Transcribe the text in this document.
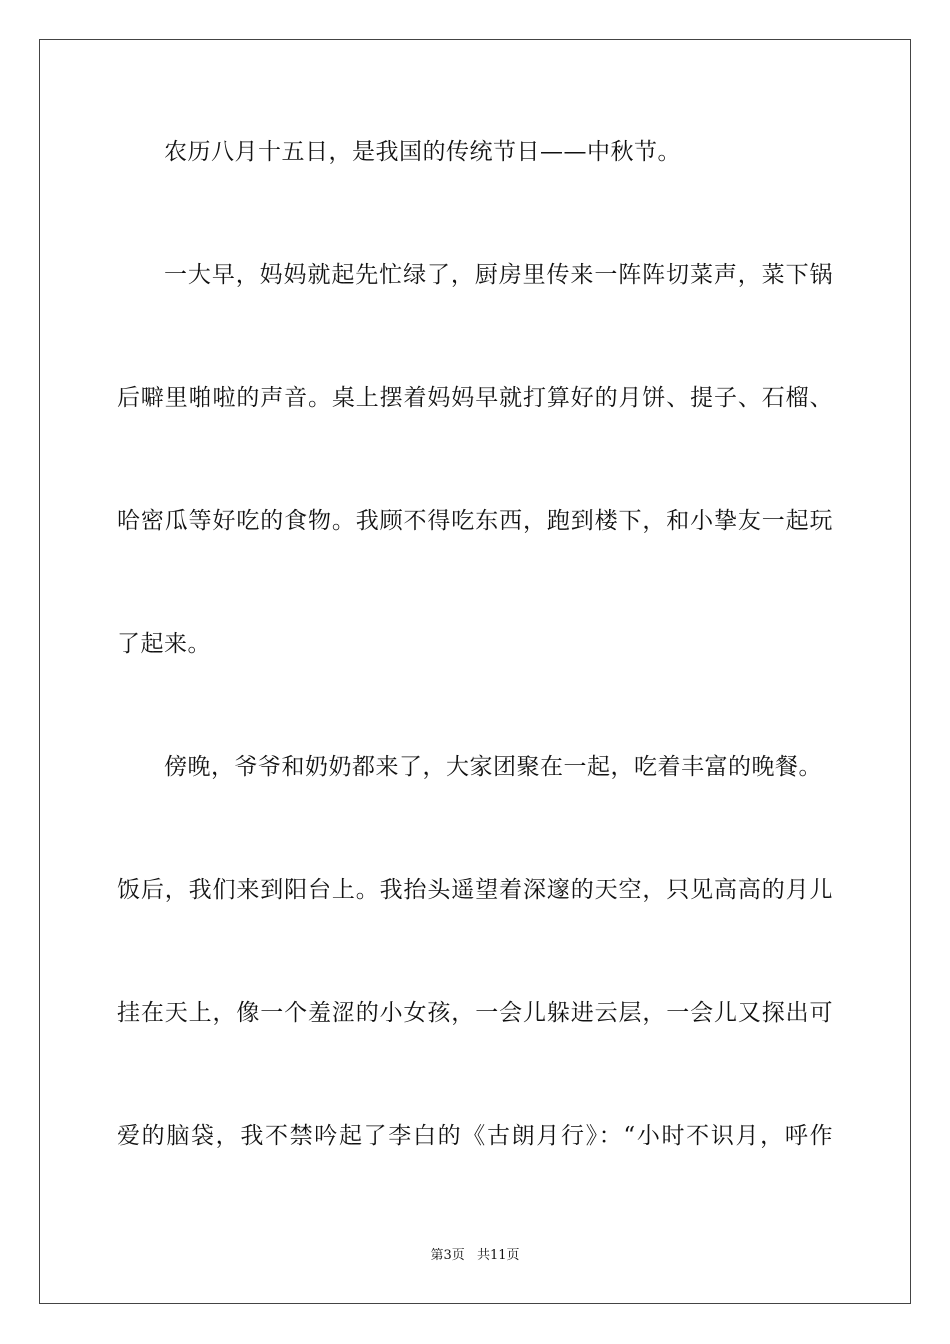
农历八月十五日，是我国的传统节日——中秋节。
一大早，妈妈就起先忙绿了，厨房里传来一阵阵切菜声，菜下锅
后噼里啪啦的声音。桌上摆着妈妈早就打算好的月饼、提子、石榴、
哈密瓜等好吃的食物。我顾不得吃东西，跑到楼下，和小挚友一起玩
了起来。
傍晚，爷爷和奶奶都来了，大家团聚在一起，吃着丰富的晚餐。
饭后，我们来到阳台上。我抬头遥望着深邃的天空，只见高高的月儿
挂在天上，像一个羞涩的小女孩，一会儿躲进云层，一会儿又探出可
爱的脑袋，我不禁吟起了李白的《古朗月行》：“小时不识月，呼作
第3页 共11页
